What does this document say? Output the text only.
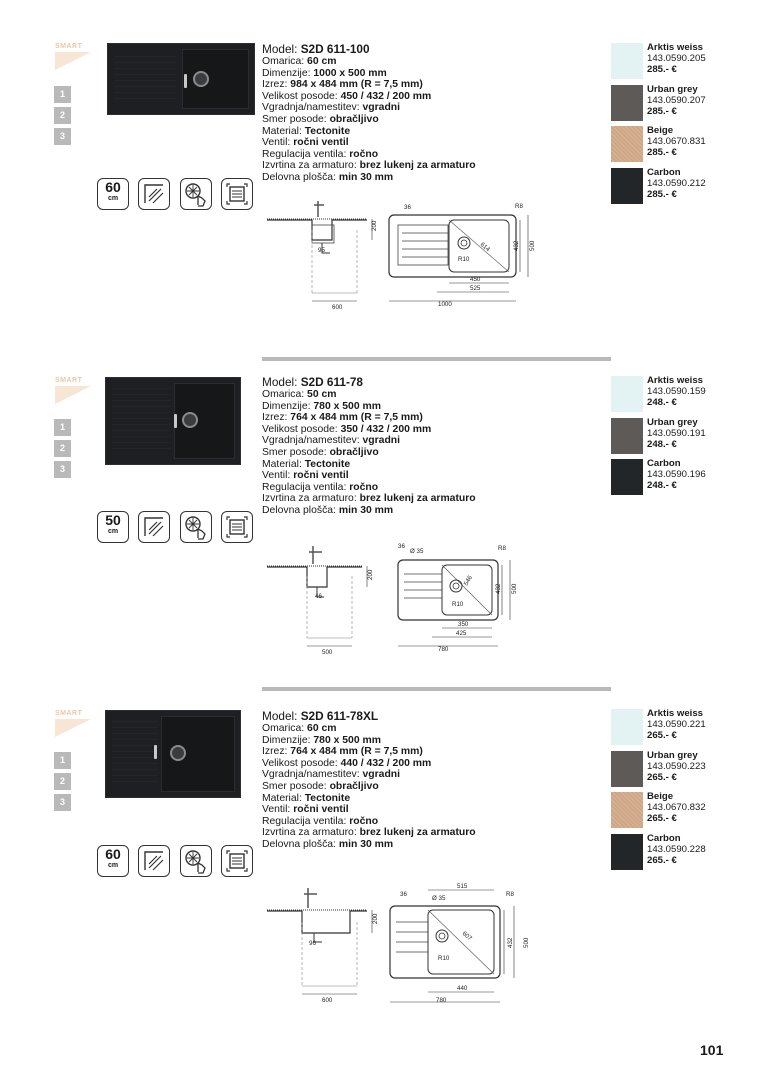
SMART
1
2
3
Model: S2D 611-100
Omarica: 60 cm
Dimenzije: 1000 x 500 mm
Izrez: 984 x 484 mm (R = 7,5 mm)
Velikost posode: 450 / 432 / 200 mm
Vgradnja/namestitev: vgradni
Smer posode: obračljivo
Material: Tectonite
Ventil: ročni ventil
Regulacija ventila: ročno
Izvrtina za armaturo: brez lukenj za armaturo
Delovna plošča: min 30 mm
60
cm
200
95
600
36	R8
614
R10
450
525
1000
432 500
Arktis weiss
143.0590.205
285.- €
Urban grey
143.0590.207
285.- €
Beige
143.0670.831
285.- €
Carbon
143.0590.212
285.- €
SMART
1
2
3
Model: S2D 611-78
Omarica: 50 cm
Dimenzije: 780 x 500 mm
Izrez: 764 x 484 mm (R = 7,5 mm)
Velikost posode: 350 / 432 / 200 mm
Vgradnja/namestitev: vgradni
Smer posode: obračljivo
Material: Tectonite
Ventil: ročni ventil
Regulacija ventila: ročno
Izvrtina za armaturo: brez lukenj za armaturo
Delovna plošča: min 30 mm
50
cm
200
46
500
36
Ø 35	R8
546
R10
350
425
780
432 500
Arktis weiss
143.0590.159
248.- €
Urban grey
143.0590.191
248.- €
Carbon
143.0590.196
248.- €
SMART
1
2
3
Model: S2D 611-78XL
Omarica: 60 cm
Dimenzije: 780 x 500 mm
Izrez: 764 x 484 mm (R = 7,5 mm)
Velikost posode: 440 / 432 / 200 mm
Vgradnja/namestitev: vgradni
Smer posode: obračljivo
Material: Tectonite
Ventil: ročni ventil
Regulacija ventila: ročno
Izvrtina za armaturo: brez lukenj za armaturo
Delovna plošča: min 30 mm
60
cm
200
96
600
515
36
Ø 35
R8
607
R10
440
780
432 500
Arktis weiss
143.0590.221
265.- €
Urban grey
143.0590.223
265.- €
Beige
143.0670.832
265.- €
Carbon
143.0590.228
265.- €
101
